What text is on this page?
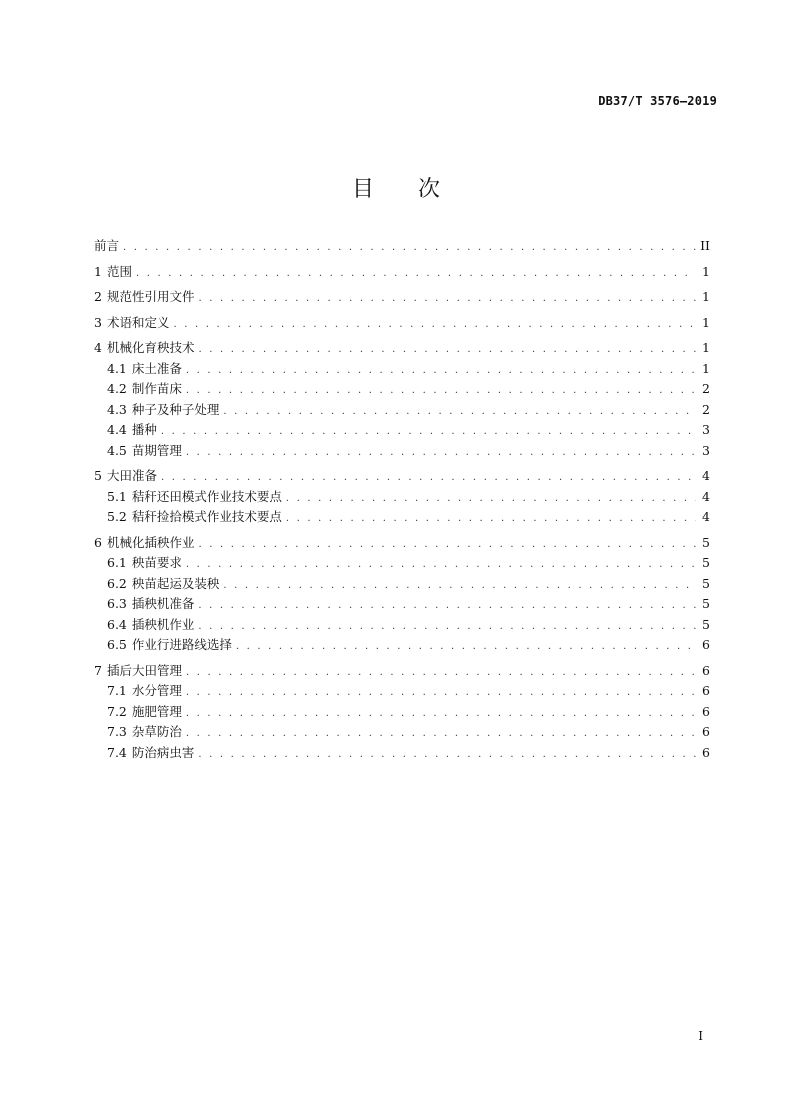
DB37/T 3576—2019
目次
前言 . . .	II
1 范围 . . .	1
2 规范性引用文件 . . .	1
3 术语和定义 . . .	1
4 机械化育秧技术 . . .	1
4.1 床土准备 . . .	1
4.2 制作苗床 . . .	2
4.3 种子及种子处理 . . .	2
4.4 播种 . . .	3
4.5 苗期管理 . . .	3
5 大田准备 . . .	4
5.1 秸秆还田模式作业技术要点 . . .	4
5.2 秸秆捡拾模式作业技术要点 . . .	4
6 机械化插秧作业 . . .	5
6.1 秧苗要求 . . .	5
6.2 秧苗起运及装秧 . . .	5
6.3 插秧机准备 . . .	5
6.4 插秧机作业 . . .	5
6.5 作业行进路线选择 . . .	6
7 插后大田管理 . . .	6
7.1 水分管理 . . .	6
7.2 施肥管理 . . .	6
7.3 杂草防治 . . .	6
7.4 防治病虫害 . . .	6
I
